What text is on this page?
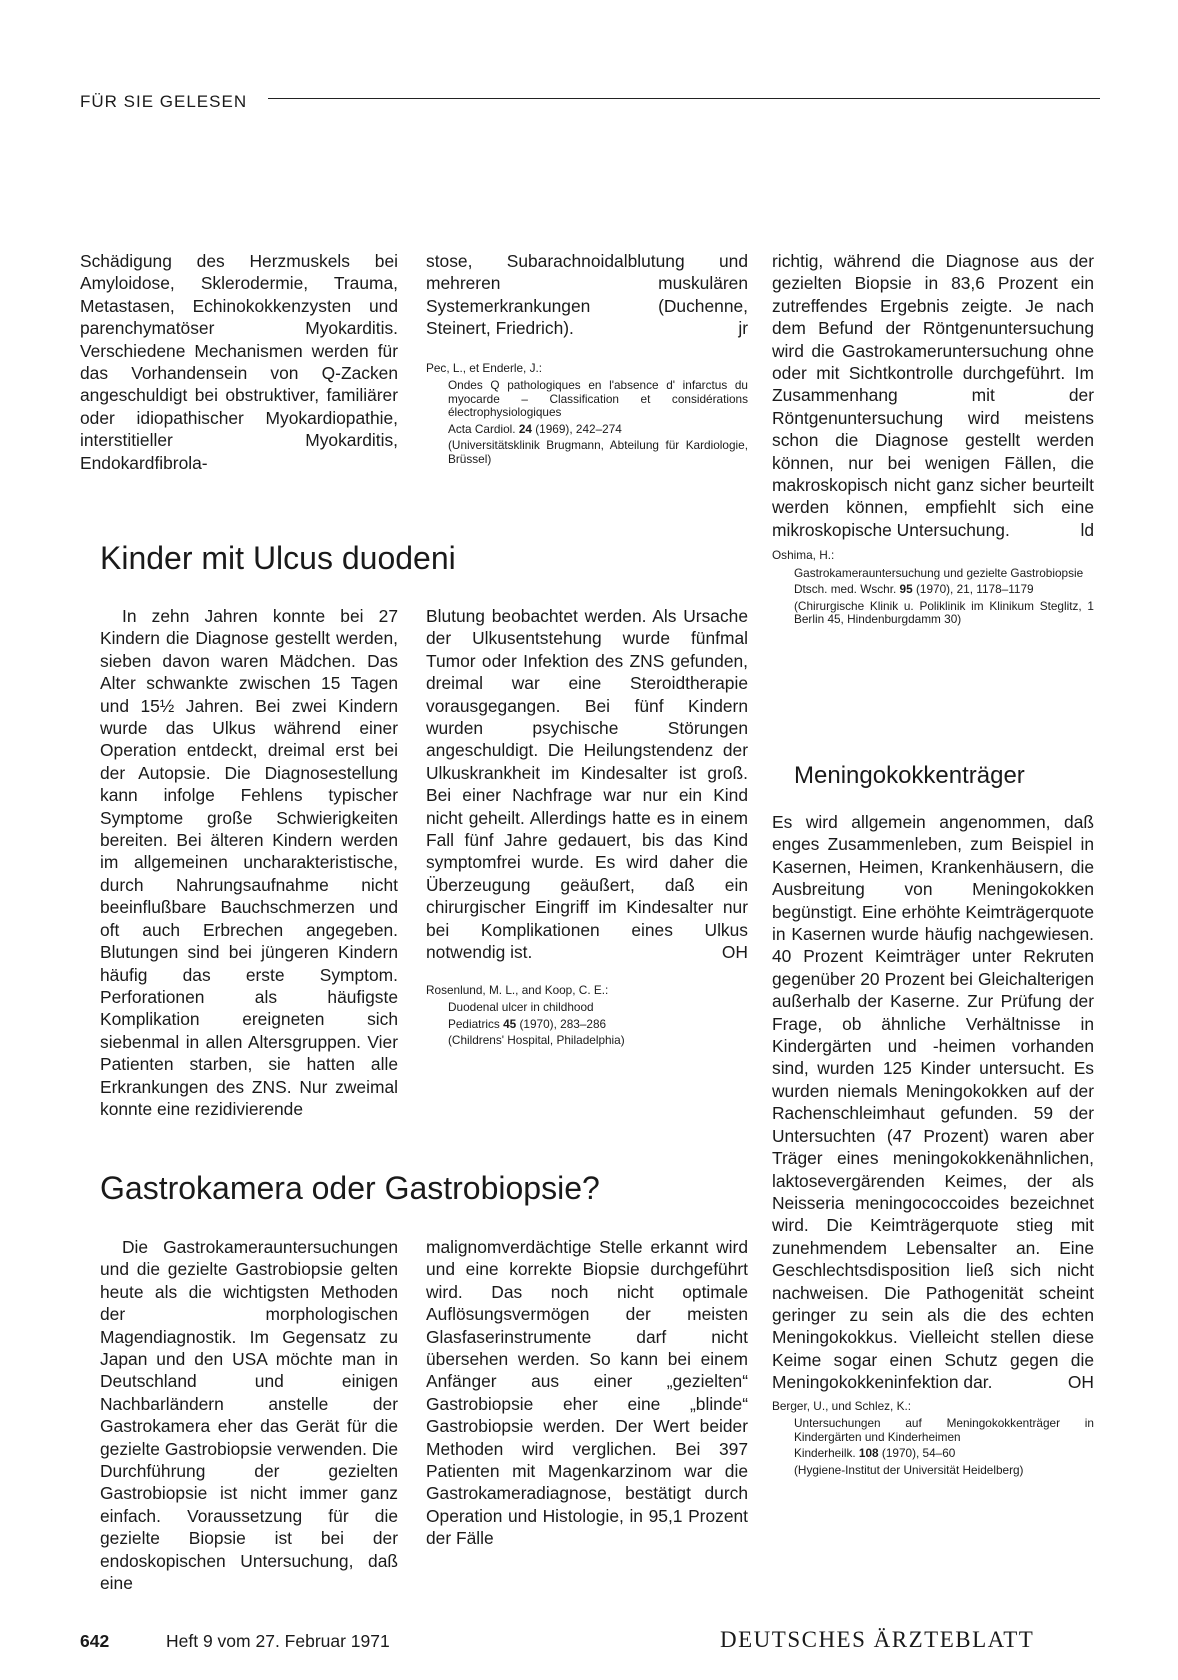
FÜR SIE GELESEN

Schädigung des Herzmuskels bei Amyloidose, Sklerodermie, Trauma, Metastasen, Echinokokkenzysten und parenchymatöser Myokarditis. Verschiedene Mechanismen werden für das Vorhandensein von Q-Zacken angeschuldigt bei obstruktiver, familiärer oder idiopathischer Myokardiopathie, interstitieller Myokarditis, Endokardfibrola-

stose, Subarachnoidalblutung und mehreren muskulären Systemerkrankungen (Duchenne, Steinert, Friedrich).	jr

Pec, L., et Enderle, J.:

Ondes Q pathologiques en l'absence d' infarctus du myocarde – Classification et considérations électrophysiologiques

Acta Cardiol. 24 (1969), 242–274

(Universitätsklinik Brugmann, Abteilung für Kardiologie, Brüssel)

richtig, während die Diagnose aus der gezielten Biopsie in 83,6 Prozent ein zutreffendes Ergebnis zeigte. Je nach dem Befund der Röntgenuntersuchung wird die Gastrokameruntersuchung ohne oder mit Sichtkontrolle durchgeführt. Im Zusammenhang mit der Röntgenuntersuchung wird meistens schon die Diagnose gestellt werden können, nur bei wenigen Fällen, die makroskopisch nicht ganz sicher beurteilt werden können, empfiehlt sich eine mikroskopische Untersuchung.	ld

Oshima, H.:

Gastrokamerauntersuchung und gezielte Gastrobiopsie

Dtsch. med. Wschr. 95 (1970), 21, 1178–1179

(Chirurgische Klinik u. Poliklinik im Klinikum Steglitz, 1 Berlin 45, Hindenburgdamm 30)

Kinder mit Ulcus duodeni

In zehn Jahren konnte bei 27 Kindern die Diagnose gestellt werden, sieben davon waren Mädchen. Das Alter schwankte zwischen 15 Tagen und 15½ Jahren. Bei zwei Kindern wurde das Ulkus während einer Operation entdeckt, dreimal erst bei der Autopsie. Die Diagnosestellung kann infolge Fehlens typischer Symptome große Schwierigkeiten bereiten. Bei älteren Kindern werden im allgemeinen uncharakteristische, durch Nahrungsaufnahme nicht beeinflußbare Bauchschmerzen und oft auch Erbrechen angegeben. Blutungen sind bei jüngeren Kindern häufig das erste Symptom. Perforationen als häufigste Komplikation ereigneten sich siebenmal in allen Altersgruppen. Vier Patienten starben, sie hatten alle Erkrankungen des ZNS. Nur zweimal konnte eine rezidivierende

Blutung beobachtet werden. Als Ursache der Ulkusentstehung wurde fünfmal Tumor oder Infektion des ZNS gefunden, dreimal war eine Steroidtherapie vorausgegangen. Bei fünf Kindern wurden psychische Störungen angeschuldigt. Die Heilungstendenz der Ulkuskrankheit im Kindesalter ist groß. Bei einer Nachfrage war nur ein Kind nicht geheilt. Allerdings hatte es in einem Fall fünf Jahre gedauert, bis das Kind symptomfrei wurde. Es wird daher die Überzeugung geäußert, daß ein chirurgischer Eingriff im Kindesalter nur bei Komplikationen eines Ulkus notwendig ist.	OH

Rosenlund, M. L., and Koop, C. E.:

Duodenal ulcer in childhood

Pediatrics 45 (1970), 283–286

(Childrens' Hospital, Philadelphia)

Gastrokamera oder Gastrobiopsie?

Die Gastrokamerauntersuchungen und die gezielte Gastrobiopsie gelten heute als die wichtigsten Methoden der morphologischen Magendiagnostik. Im Gegensatz zu Japan und den USA möchte man in Deutschland und einigen Nachbarländern anstelle der Gastrokamera eher das Gerät für die gezielte Gastrobiopsie verwenden. Die Durchführung der gezielten Gastrobiopsie ist nicht immer ganz einfach. Voraussetzung für die gezielte Biopsie ist bei der endoskopischen Untersuchung, daß eine

malignomverdächtige Stelle erkannt wird und eine korrekte Biopsie durchgeführt wird. Das noch nicht optimale Auflösungsvermögen der meisten Glasfaserinstrumente darf nicht übersehen werden. So kann bei einem Anfänger aus einer „gezielten“ Gastrobiopsie eher eine „blinde“ Gastrobiopsie werden. Der Wert beider Methoden wird verglichen. Bei 397 Patienten mit Magenkarzinom war die Gastrokameradiagnose, bestätigt durch Operation und Histologie, in 95,1 Prozent der Fälle

Meningokokkenträger

Es wird allgemein angenommen, daß enges Zusammenleben, zum Beispiel in Kasernen, Heimen, Krankenhäusern, die Ausbreitung von Meningokokken begünstigt. Eine erhöhte Keimträgerquote in Kasernen wurde häufig nachgewiesen. 40 Prozent Keimträger unter Rekruten gegenüber 20 Prozent bei Gleichalterigen außerhalb der Kaserne. Zur Prüfung der Frage, ob ähnliche Verhältnisse in Kindergärten und -heimen vorhanden sind, wurden 125 Kinder untersucht. Es wurden niemals Meningokokken auf der Rachenschleimhaut gefunden. 59 der Untersuchten (47 Prozent) waren aber Träger eines meningokokkenähnlichen, laktosevergärenden Keimes, der als Neisseria meningococcoides bezeichnet wird. Die Keimträgerquote stieg mit zunehmendem Lebensalter an. Eine Geschlechtsdisposition ließ sich nicht nachweisen. Die Pathogenität scheint geringer zu sein als die des echten Meningokokkus. Vielleicht stellen diese Keime sogar einen Schutz gegen die Meningokokkeninfektion dar.	OH

Berger, U., und Schlez, K.:

Untersuchungen auf Meningokokkenträger in Kindergärten und Kinderheimen

Kinderheilk. 108 (1970), 54–60

(Hygiene-Institut der Universität Heidelberg)

642	Heft 9 vom 27. Februar 1971	DEUTSCHES ÄRZTEBLATT
